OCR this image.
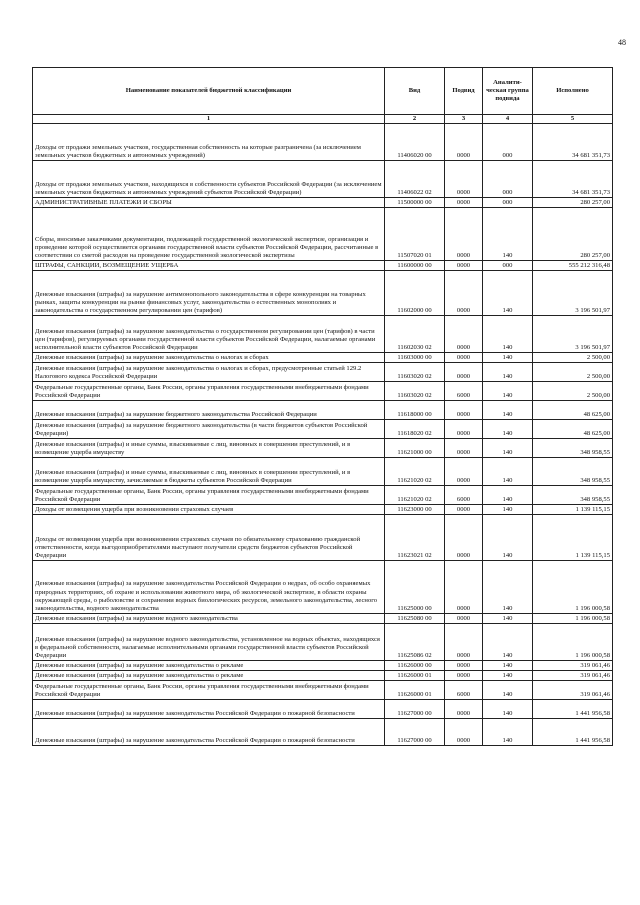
48
Наименование показателей бюджетной классификации	Вид	Подвид	Аналити-ческая группа подвида	Исполнено
1	2	3	4	5
Доходы от продажи земельных участков, государственная собственность на которые разграничена (за исключением земельных участков бюджетных и автономных учреждений)	11406020 00	0000	000	34 681 351,73
Доходы от продажи земельных участков, находящихся в собственности субъектов Российской Федерации (за исключением земельных участков бюджетных и автономных учреждений субъектов Российской Федерации)	11406022 02	0000	000	34 681 351,73
АДМИНИСТРАТИВНЫЕ ПЛАТЕЖИ И СБОРЫ	11500000 00	0000	000	280 257,00
Сборы, вносимые заказчиками документации, подлежащей государственной экологической экспертизе, организация и проведение которой осуществляется органами государственной власти субъектов Российской Федерации, рассчитанные в соответствии со сметой расходов на проведение государственной экологической экспертизы	11507020 01	0000	140	280 257,00
ШТРАФЫ, САНКЦИИ, ВОЗМЕЩЕНИЕ УЩЕРБА	11600000 00	0000	000	555 212 316,48
Денежные взыскания (штрафы) за нарушение антимонопольного законодательства в сфере конкуренции на товарных рынках, защиты конкуренции на рынке финансовых услуг, законодательства о естественных монополиях и законодательства о государственном регулировании цен (тарифов)	11602000 00	0000	140	3 196 501,97
Денежные взыскания (штрафы) за нарушение законодательства о государственном регулировании цен (тарифов) в части цен (тарифов), регулируемых органами государственной власти субъектов Российской Федерации, налагаемые органами исполнительной власти субъектов Российской Федерации	11602030 02	0000	140	3 196 501,97
Денежные взыскания (штрафы) за нарушение законодательства о налогах и сборах	11603000 00	0000	140	2 500,00
Денежные взыскания (штрафы) за нарушение законодательства о налогах и сборах, предусмотренные статьей 129.2 Налогового кодекса Российской Федерации	11603020 02	0000	140	2 500,00
Федеральные государственные органы, Банк России, органы управления государственными внебюджетными фондами Российской Федерации	11603020 02	6000	140	2 500,00
Денежные взыскания (штрафы) за нарушение бюджетного законодательства Российской Федерации	11618000 00	0000	140	48 625,00
Денежные взыскания (штрафы) за нарушение бюджетного законодательства (в части бюджетов субъектов Российской Федерации)	11618020 02	0000	140	48 625,00
Денежные взыскания (штрафы) и иные суммы, взыскиваемые с лиц, виновных в совершении преступлений, и в возмещение ущерба имуществу	11621000 00	0000	140	348 958,55
Денежные взыскания (штрафы) и иные суммы, взыскиваемые с лиц, виновных в совершении преступлений, и в возмещение ущерба имуществу, зачисляемые в бюджеты субъектов Российской Федерации	11621020 02	0000	140	348 958,55
Федеральные государственные органы, Банк России, органы управления государственными внебюджетными фондами Российской Федерации	11621020 02	6000	140	348 958,55
Доходы от возмещения ущерба при возникновении страховых случаев	11623000 00	0000	140	1 139 115,15
Доходы от возмещения ущерба при возникновении страховых случаев по обязательному страхованию гражданской ответственности, когда выгодоприобретателями выступают получатели средств бюджетов субъектов Российской Федерации	11623021 02	0000	140	1 139 115,15
Денежные взыскания (штрафы) за нарушение законодательства Российской Федерации о недрах, об особо охраняемых природных территориях, об охране и использовании животного мира, об экологической экспертизе, в области охраны окружающей среды, о рыболовстве и сохранении водных биологических ресурсов, земельного законодательства, лесного законодательства, водного законодательства	11625000 00	0000	140	1 196 000,58
Денежные взыскания (штрафы) за нарушение водного законодательства	11625080 00	0000	140	1 196 000,58
Денежные взыскания (штрафы) за нарушение водного законодательства, установленное на водных объектах, находящихся в федеральной собственности, налагаемые исполнительными органами государственной власти субъектов Российской Федерации	11625086 02	0000	140	1 196 000,58
Денежные взыскания (штрафы) за нарушение законодательства о рекламе	11626000 00	0000	140	319 061,46
Денежные взыскания (штрафы) за нарушение законодательства о рекламе	11626000 01	0000	140	319 061,46
Федеральные государственные органы, Банк России, органы управления государственными внебюджетными фондами Российской Федерации	11626000 01	6000	140	319 061,46
Денежные взыскания (штрафы) за нарушение законодательства Российской Федерации о пожарной безопасности	11627000 00	0000	140	1 441 956,58
Денежные взыскания (штрафы) за нарушение законодательства Российской Федерации о пожарной безопасности	11627000 00	0000	140	1 441 956,58
